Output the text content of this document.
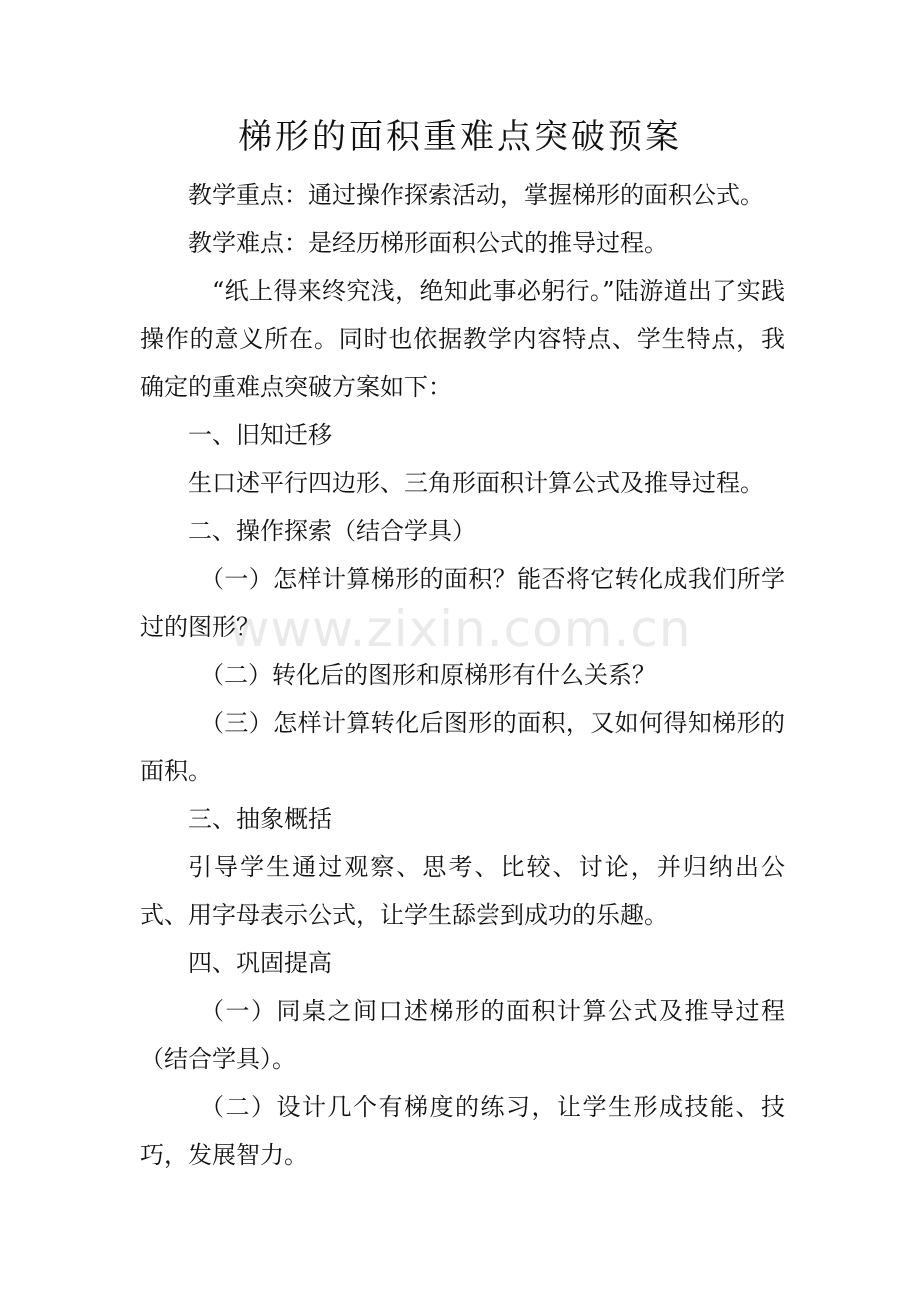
梯形的面积重难点突破预案

教学重点：通过操作探索活动，掌握梯形的面积公式。

教学难点：是经历梯形面积公式的推导过程。

“纸上得来终究浅，绝知此事必躬行。”陆游道出了实践操作的意义所在。同时也依据教学内容特点、学生特点，我确定的重难点突破方案如下：

一、旧知迁移

生口述平行四边形、三角形面积计算公式及推导过程。

二、操作探索（结合学具）

（一）怎样计算梯形的面积？能否将它转化成我们所学过的图形？

（二）转化后的图形和原梯形有什么关系？

（三）怎样计算转化后图形的面积，又如何得知梯形的面积。

三、抽象概括

引导学生通过观察、思考、比较、讨论，并归纳出公式、用字母表示公式，让学生舔尝到成功的乐趣。

四、巩固提高

（一）同桌之间口述梯形的面积计算公式及推导过程（结合学具）。

（二）设计几个有梯度的练习，让学生形成技能、技巧，发展智力。

www.zixin.com.cn
